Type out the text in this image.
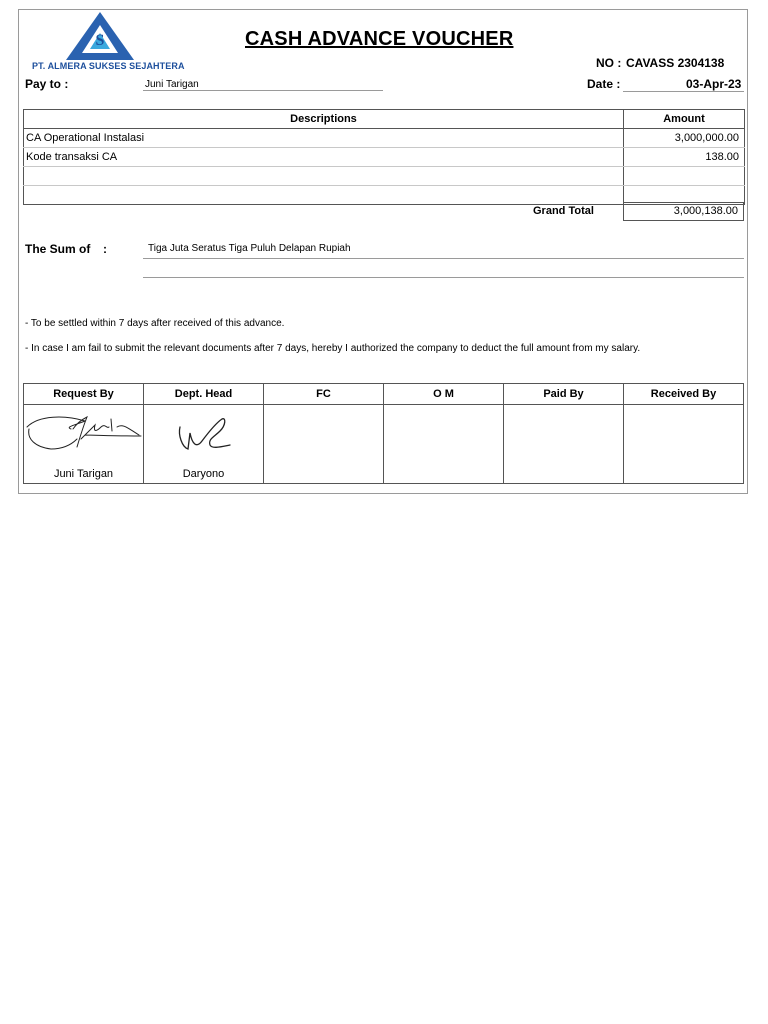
S
PT. ALMERA SUKSES SEJAHTERA
CASH ADVANCE VOUCHER
NO : CAVASS 2304138
Pay to :	Juni Tarigan	Date :	03-Apr-23
Descriptions	Amount
CA Operational Instalasi	3,000,000.00
Kode transaksi CA	138.00

Grand Total	3,000,138.00
The Sum of :	Tiga Juta Seratus Tiga Puluh Delapan Rupiah
- To be settled within 7 days after received of this advance.
- In case I am fail to submit the relevant documents after 7 days, hereby I authorized the company to deduct the full amount from my salary.
Request By	Dept. Head	FC	O M	Paid By	Received By

Juni Tarigan	Daryono				
